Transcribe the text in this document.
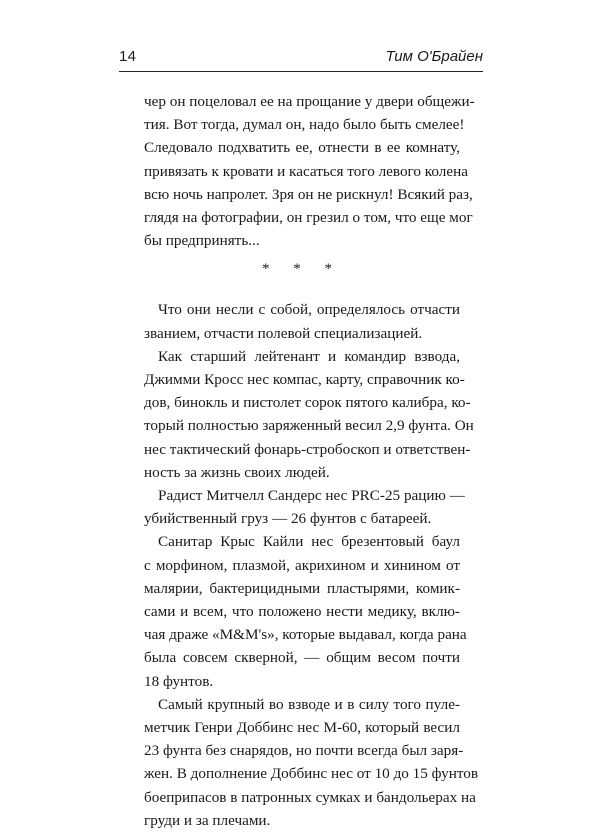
14	Тим О'Брайен
чер он поцеловал ее на прощание у двери общежи-
тия. Вот тогда, думал он, надо было быть смелее!
Следовало подхватить ее, отнести в ее комнату,
привязать к кровати и касаться того левого колена
всю ночь напролет. Зря он не рискнул! Всякий раз,
глядя на фотографии, он грезил о том, что еще мог
бы предпринять...
* * *
Что они несли с собой, определялось отчасти
званием, отчасти полевой специализацией.
Как старший лейтенант и командир взвода,
Джимми Кросс нес компас, карту, справочник ко-
дов, бинокль и пистолет сорок пятого калибра, ко-
торый полностью заряженный весил 2,9 фунта. Он
нес тактический фонарь-стробоскоп и ответствен-
ность за жизнь своих людей.
Радист Митчелл Сандерс нес PRC-25 рацию —
убийственный груз — 26 фунтов с батареей.
Санитар Крыс Кайли нес брезентовый баул
с морфином, плазмой, акрихином и хинином от
малярии, бактерицидными пластырями, комик-
сами и всем, что положено нести медику, вклю-
чая драже «M&M's», которые выдавал, когда рана
была совсем скверной, — общим весом почти
18 фунтов.
Самый крупный во взводе и в силу того пуле-
метчик Генри Доббинс нес М-60, который весил
23 фунта без снарядов, но почти всегда был заря-
жен. В дополнение Доббинс нес от 10 до 15 фунтов
боеприпасов в патронных сумках и бандольерах на
груди и за плечами.
